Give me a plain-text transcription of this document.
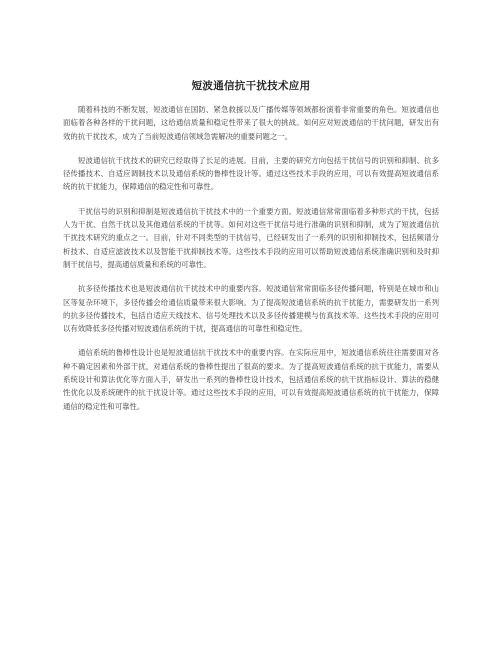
短波通信抗干扰技术应用

随着科技的不断发展，短波通信在国防、紧急救援以及广播传媒等领域都扮演着非常重要的角色。短波通信也面临着各种各样的干扰问题，这给通信质量和稳定性带来了很大的挑战。如何应对短波通信的干扰问题，研发出有效的抗干扰技术，成为了当前短波通信领域急需解决的重要问题之一。

短波通信抗干扰技术的研究已经取得了长足的进展。目前，主要的研究方向包括干扰信号的识别和抑制、抗多径传播技术、自适应调制技术以及通信系统的鲁棒性设计等。通过这些技术手段的应用，可以有效提高短波通信系统的抗干扰能力，保障通信的稳定性和可靠性。

干扰信号的识别和抑制是短波通信抗干扰技术中的一个重要方面。短波通信常常面临着多种形式的干扰，包括人为干扰、自然干扰以及其他通信系统的干扰等。如何对这些干扰信号进行准确的识别和抑制，成为了短波通信抗干扰技术研究的重点之一。目前，针对不同类型的干扰信号，已经研发出了一系列的识别和抑制技术，包括频谱分析技术、自适应滤波技术以及智能干扰抑制技术等。这些技术手段的应用可以帮助短波通信系统准确识别和及时抑制干扰信号，提高通信质量和系统的可靠性。

抗多径传播技术也是短波通信抗干扰技术中的重要内容。短波通信常常面临多径传播问题，特别是在城市和山区等复杂环境下，多径传播会给通信质量带来很大影响。为了提高短波通信系统的抗干扰能力，需要研发出一系列的抗多径传播技术，包括自适应天线技术、信号处理技术以及多径传播建模与仿真技术等。这些技术手段的应用可以有效降低多径传播对短波通信系统的干扰，提高通信的可靠性和稳定性。

通信系统的鲁棒性设计也是短波通信抗干扰技术中的重要内容。在实际应用中，短波通信系统往往需要面对各种不确定因素和外部干扰，对通信系统的鲁棒性提出了很高的要求。为了提高短波通信系统的抗干扰能力，需要从系统设计和算法优化等方面入手，研发出一系列的鲁棒性设计技术，包括通信系统的抗干扰指标设计、算法的稳健性优化以及系统硬件的抗干扰设计等。通过这些技术手段的应用，可以有效提高短波通信系统的抗干扰能力，保障通信的稳定性和可靠性。
